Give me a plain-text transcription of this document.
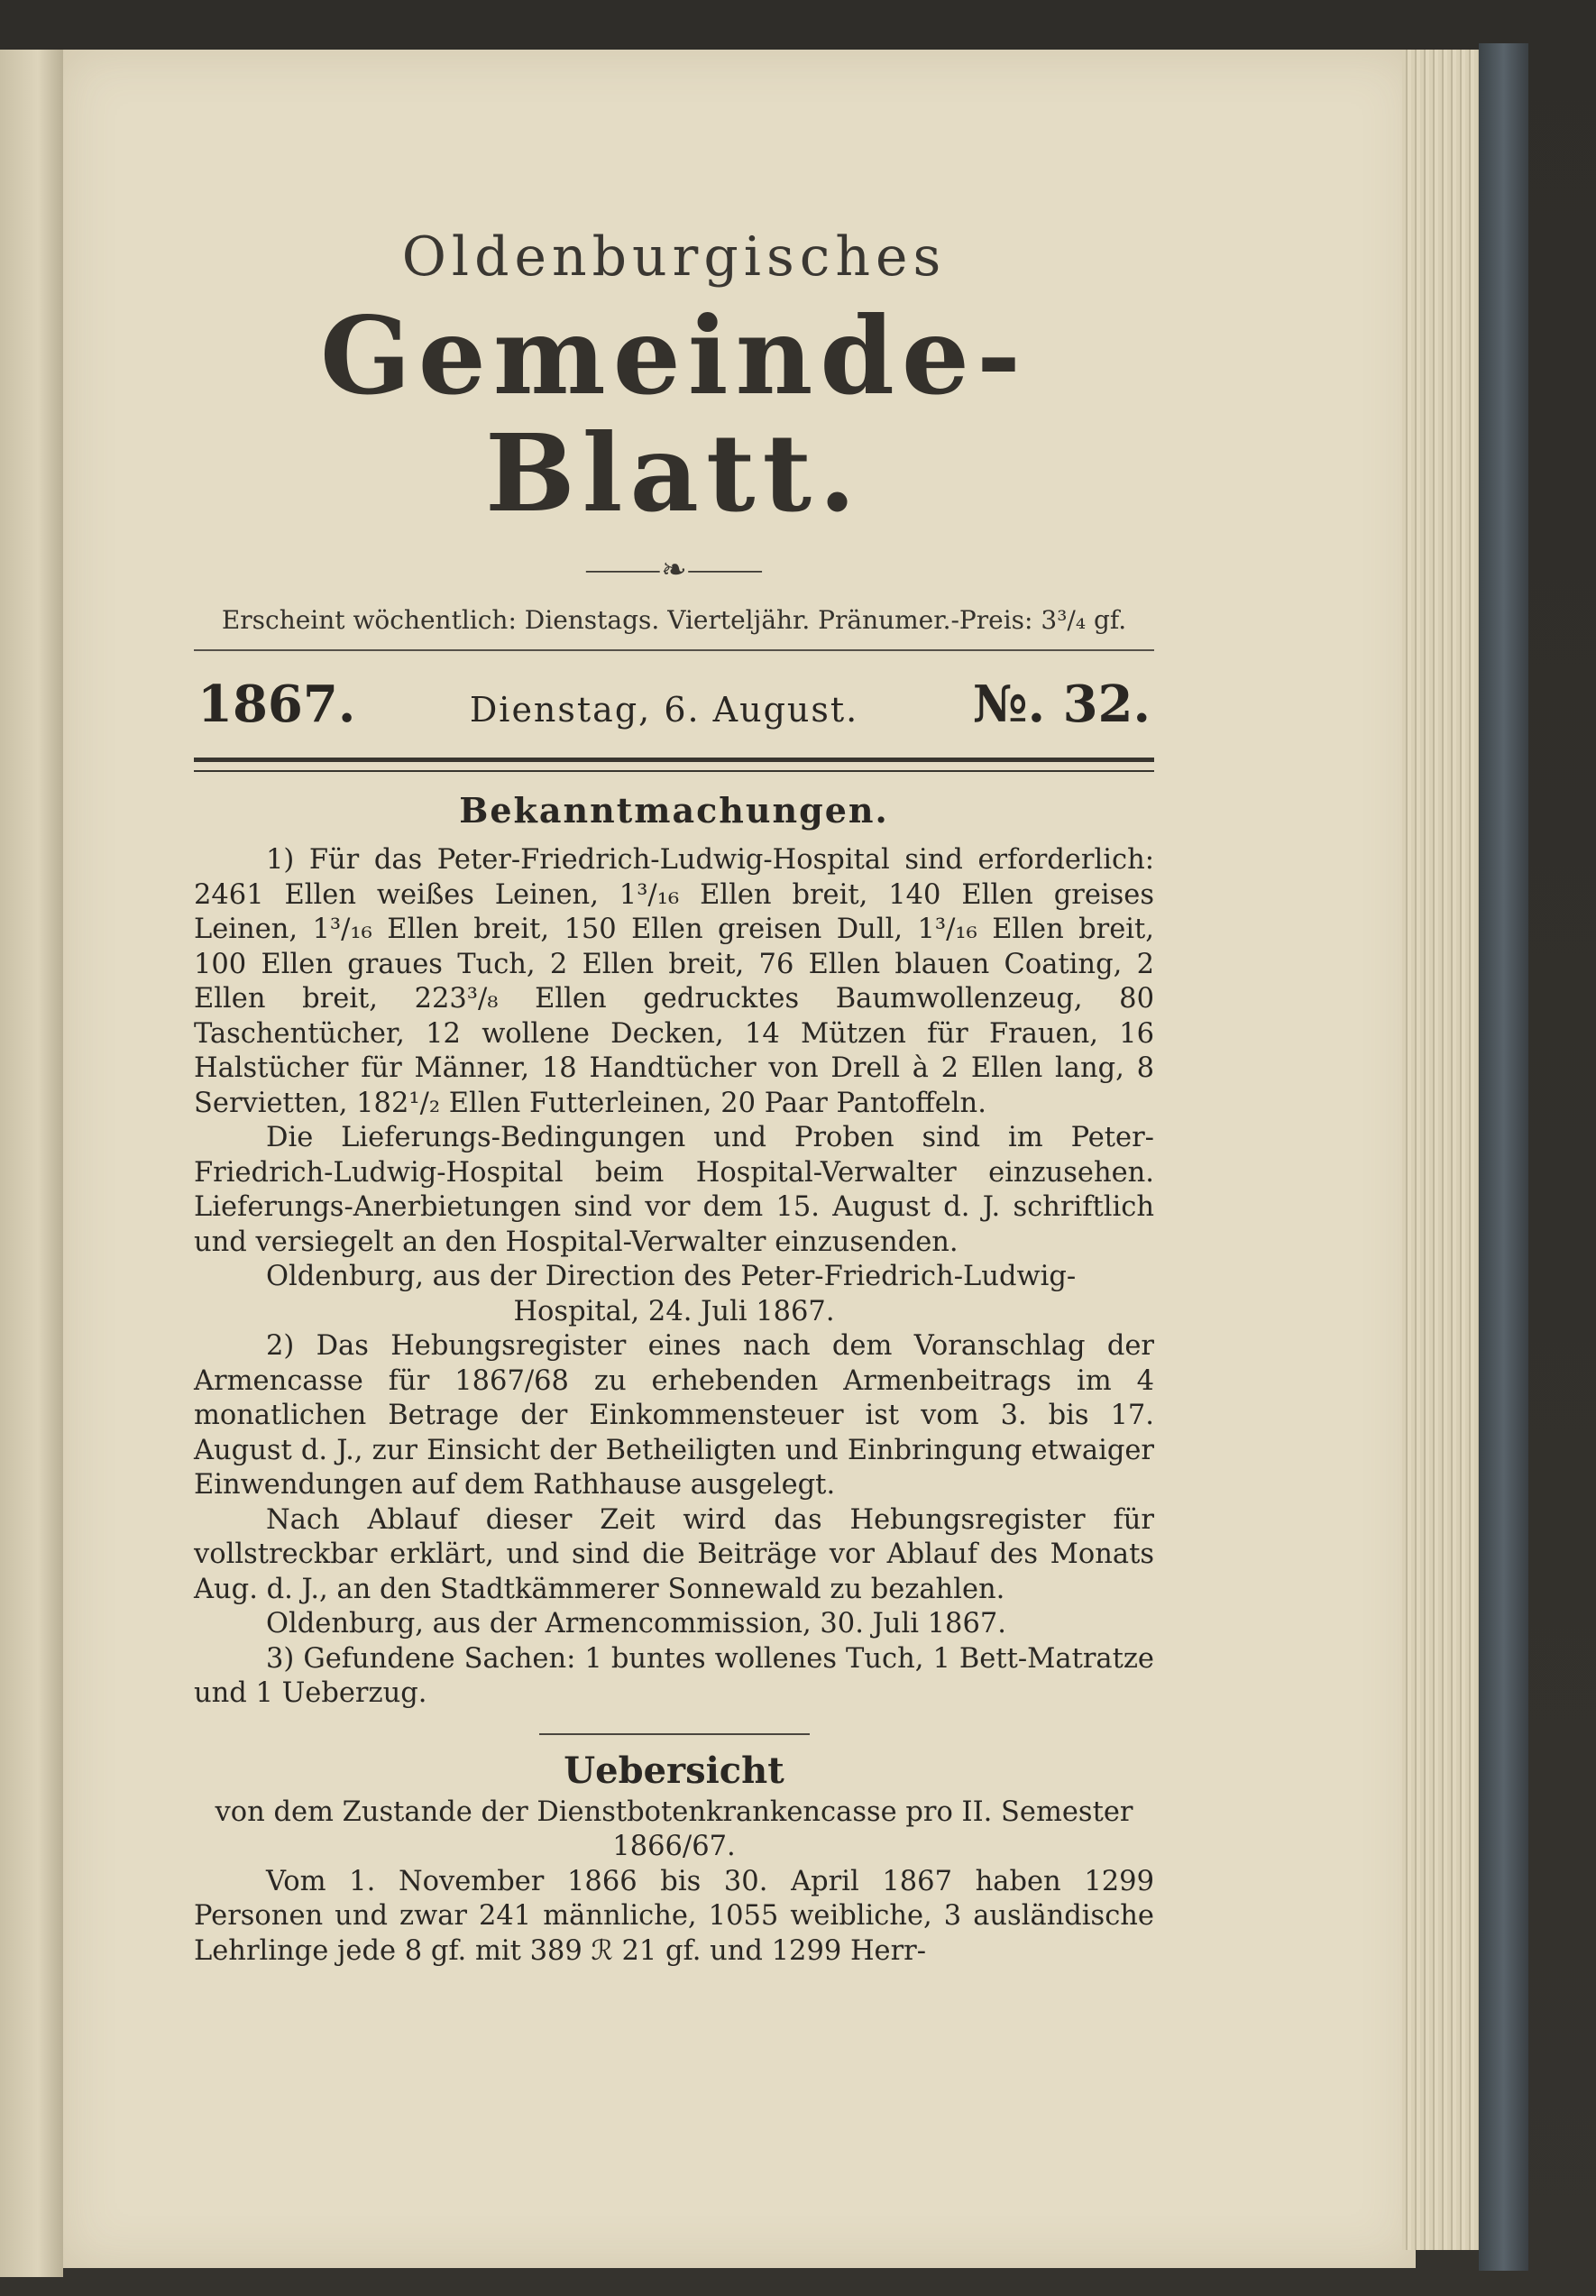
Oldenburgisches
Gemeinde-Blatt.
⸻❧⸻
Erscheint wöchentlich: Dienstags. Vierteljähr. Pränumer.-Preis: 3³/₄ gf.
1867.	Dienstag, 6. August. №. 32.
Bekanntmachungen.

1) Für das Peter-Friedrich-Ludwig-Hospital sind erforderlich: 2461 Ellen weißes Leinen, 1³/₁₆ Ellen breit, 140 Ellen greises Leinen, 1³/₁₆ Ellen breit, 150 Ellen greisen Dull, 1³/₁₆ Ellen breit, 100 Ellen graues Tuch, 2 Ellen breit, 76 Ellen blauen Coating, 2 Ellen breit, 223³/₈ Ellen gedrucktes Baumwollenzeug, 80 Taschentücher, 12 wollene Decken, 14 Mützen für Frauen, 16 Halstücher für Männer, 18 Handtücher von Drell à 2 Ellen lang, 8 Servietten, 182¹/₂ Ellen Futterleinen, 20 Paar Pantoffeln.

Die Lieferungs-Bedingungen und Proben sind im Peter-Friedrich-Ludwig-Hospital beim Hospital-Verwalter einzusehen. Lieferungs-Anerbietungen sind vor dem 15. August d. J. schriftlich und versiegelt an den Hospital-Verwalter einzusenden.

Oldenburg, aus der Direction des Peter-Friedrich-Ludwig-

Hospital, 24. Juli 1867.

2) Das Hebungsregister eines nach dem Voranschlag der Armencasse für 1867/68 zu erhebenden Armenbeitrags im 4 monatlichen Betrage der Einkommensteuer ist vom 3. bis 17. August d. J., zur Einsicht der Betheiligten und Einbringung etwaiger Einwendungen auf dem Rathhause ausgelegt.

Nach Ablauf dieser Zeit wird das Hebungsregister für vollstreckbar erklärt, und sind die Beiträge vor Ablauf des Monats Aug. d. J., an den Stadtkämmerer Sonnewald zu bezahlen.

Oldenburg, aus der Armencommission, 30. Juli 1867.

3) Gefundene Sachen: 1 buntes wollenes Tuch, 1 Bett-Matratze und 1 Ueberzug.

Uebersicht

von dem Zustande der Dienstbotenkrankencasse pro II. Semester

1866/67.

Vom 1. November 1866 bis 30. April 1867 haben 1299 Personen und zwar 241 männliche, 1055 weibliche, 3 ausländische Lehrlinge jede 8 gf. mit 389 ℛ 21 gf. und 1299 Herr-
